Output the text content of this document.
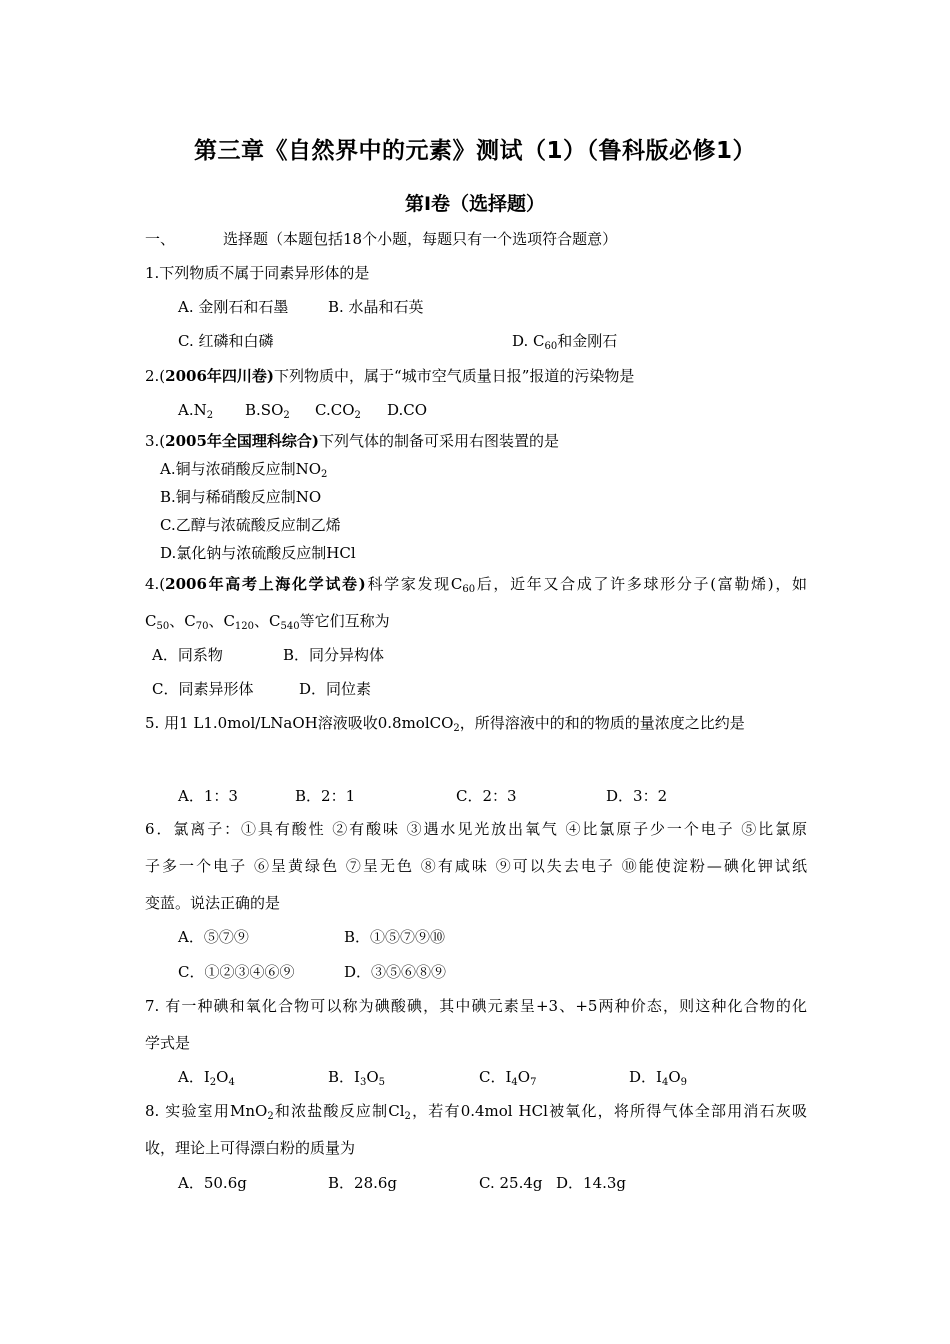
第三章《自然界中的元素》测试（1）（鲁科版必修1）
第I卷（选择题）
一、	选择题（本题包括18个小题，每题只有一个选项符合题意）
1.下列物质不属于同素异形体的是
A. 金刚石和石墨	B. 水晶和石英
C. 红磷和白磷	D. $C_{60}$和金刚石
2.(2006年四川卷)下列物质中，属于“城市空气质量日报”报道的污染物是
$A.N_2$ $B.SO_2$ $C.CO_2$ D.CO
3.(2005年全国理科综合)下列气体的制备可采用右图装置的是
A.铜与浓硝酸反应制$NO_2$
B.铜与稀硝酸反应制NO
C.乙醇与浓硫酸反应制乙烯
D.氯化钠与浓硫酸反应制HCl
4.(2006年高考上海化学试卷)科学家发现$C_{60}$后，近年又合成了许多球形分子(富勒烯)，如
$C_{50}$、$C_{70}$、$C_{120}$、$C_{540}$等它们互称为
A．同系物	B．同分异构体
C．同素异形体	D．同位素
5. 用1 L1.0mol/LNaOH溶液吸收0.8molCO$_2$，所得溶液中的和的物质的量浓度之比约是
A．1：3	B．2：1	C．2：3	D．3：2
6．氯离子：①具有酸性 ②有酸味 ③遇水见光放出氧气 ④比氯原子少一个电子 ⑤比氯原
子多一个电子 ⑥呈黄绿色 ⑦呈无色 ⑧有咸味 ⑨可以失去电子 ⑩能使淀粉—碘化钾试纸
变蓝。说法正确的是
A．⑤⑦⑨	B．①⑤⑦⑨⑩
C．①②③④⑥⑨	D．③⑤⑥⑧⑨
7. 有一种碘和氧化合物可以称为碘酸碘，其中碘元素呈+3、+5两种价态，则这种化合物的化
学式是
A．$I_2O_4$	B．$I_3O_5$	C．$I_4O_7$	D．$I_4O_9$
8. 实验室用MnO$_2$和浓盐酸反应制$Cl_2$，若有0.4mol HCl被氧化，将所得气体全部用消石灰吸
收，理论上可得漂白粉的质量为
A．50.6g	B．28.6g	C. 25.4g D．14.3g
